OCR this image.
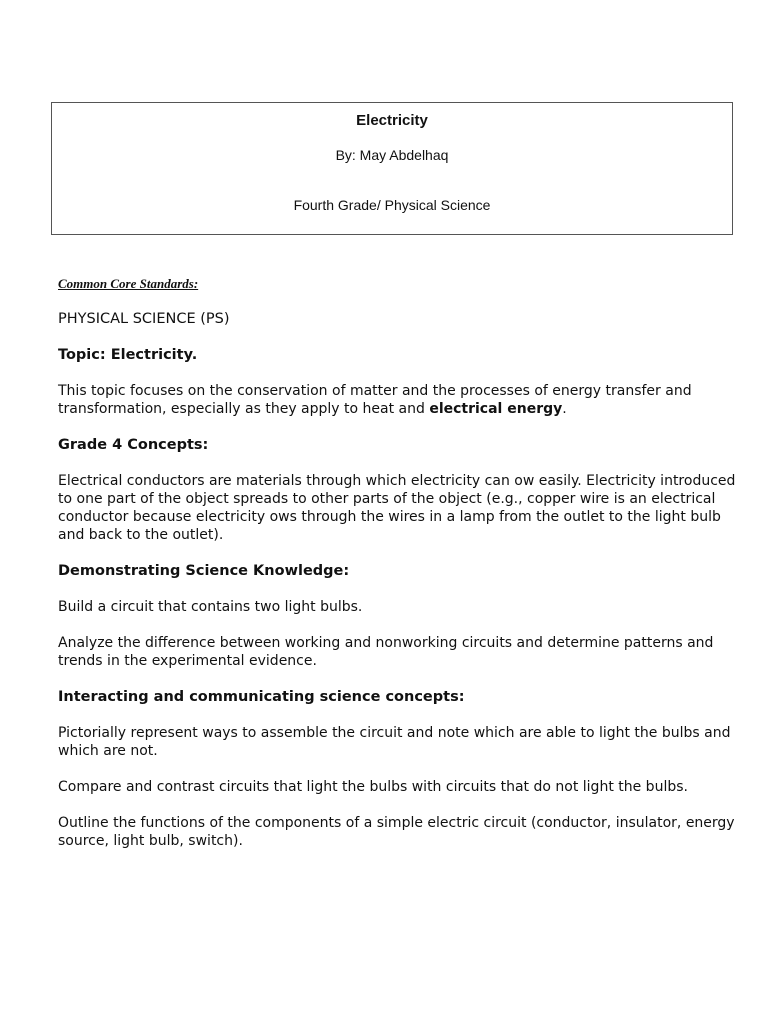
Electricity

By: May Abdelhaq

Fourth Grade/ Physical Science

Common Core Standards:

PHYSICAL SCIENCE (PS)

Topic: Electricity.

This topic focuses on the conservation of matter and the processes of energy transfer and transformation, especially as they apply to heat and electrical energy.

Grade 4 Concepts:

Electrical conductors are materials through which electricity can ow easily. Electricity introduced to one part of the object spreads to other parts of the object (e.g., copper wire is an electrical conductor because electricity ows through the wires in a lamp from the outlet to the light bulb and back to the outlet).

Demonstrating Science Knowledge:

Build a circuit that contains two light bulbs.

Analyze the difference between working and nonworking circuits and determine patterns and trends in the experimental evidence.

Interacting and communicating science concepts:

Pictorially represent ways to assemble the circuit and note which are able to light the bulbs and which are not.

Compare and contrast circuits that light the bulbs with circuits that do not light the bulbs.

Outline the functions of the components of a simple electric circuit (conductor, insulator, energy source, light bulb, switch).
